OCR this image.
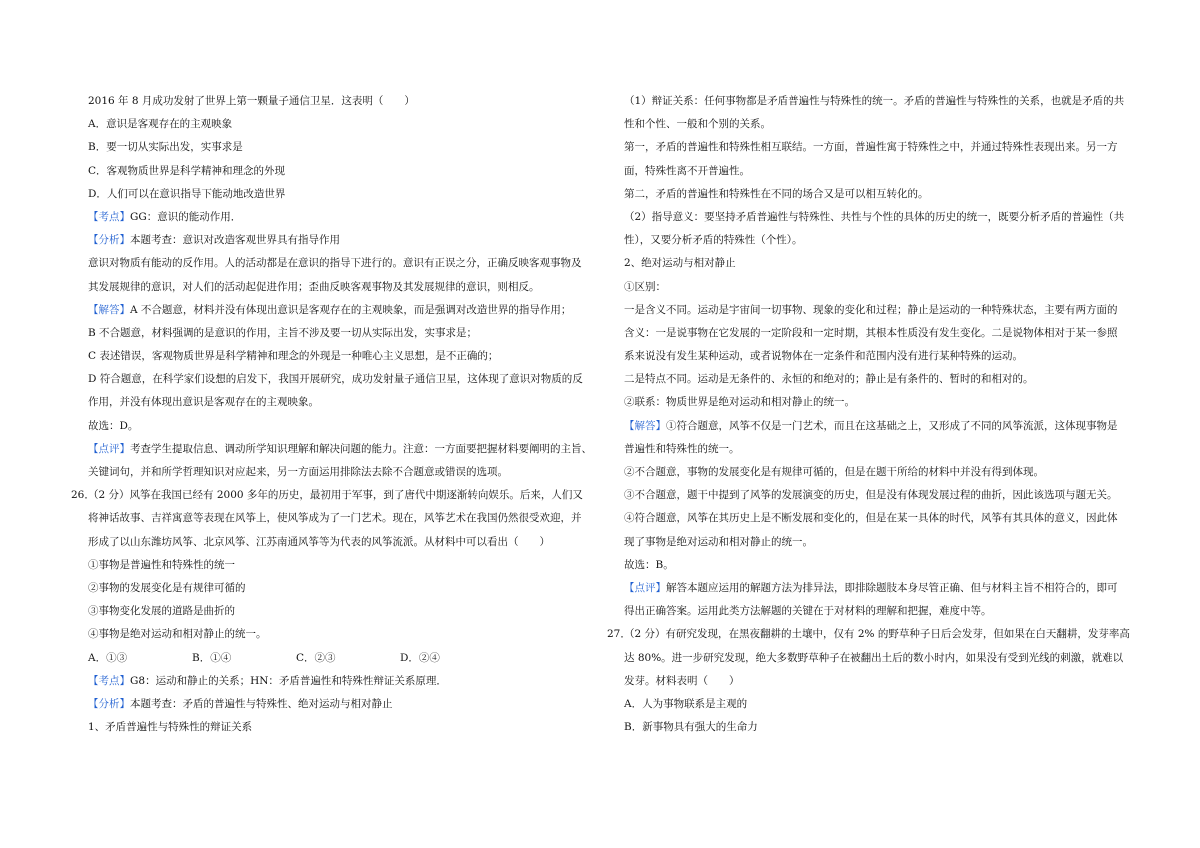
2016 年 8 月成功发射了世界上第一颗量子通信卫星．这表明（　　）
A．意识是客观存在的主观映象
B．要一切从实际出发，实事求是
C．客观物质世界是科学精神和理念的外现
D．人们可以在意识指导下能动地改造世界
【考点】GG：意识的能动作用．
【分析】本题考查：意识对改造客观世界具有指导作用
意识对物质有能动的反作用。人的活动都是在意识的指导下进行的。意识有正误之分，正确反映客观事物及
其发展规律的意识，对人们的活动起促进作用；歪曲反映客观事物及其发展规律的意识，则相反。
【解答】A 不合题意，材料并没有体现出意识是客观存在的主观映象，而是强调对改造世界的指导作用；
B 不合题意，材料强调的是意识的作用，主旨不涉及要一切从实际出发，实事求是；
C 表述错误，客观物质世界是科学精神和理念的外现是一种唯心主义思想，是不正确的；
D 符合题意，在科学家们设想的启发下，我国开展研究，成功发射量子通信卫星，这体现了意识对物质的反
作用，并没有体现出意识是客观存在的主观映象。
故选：D。
【点评】考查学生提取信息、调动所学知识理解和解决问题的能力。注意：一方面要把握材料要阐明的主旨、
关键词句，并和所学哲理知识对应起来，另一方面运用排除法去除不合题意或错误的选项。
26．
（2 分）风筝在我国已经有 2000 多年的历史，最初用于军事，到了唐代中期逐渐转向娱乐。后来，人们又
将神话故事、吉祥寓意等表现在风筝上，使风筝成为了一门艺术。现在，风筝艺术在我国仍然很受欢迎，并
形成了以山东潍坊风筝、北京风筝、江苏南通风筝等为代表的风筝流派。从材料中可以看出（　　）
①事物是普遍性和特殊性的统一
②事物的发展变化是有规律可循的
③事物变化发展的道路是曲折的
④事物是绝对运动和相对静止的统一。
A．①③	B．①④	C．②③	D．②④
【考点】G8：运动和静止的关系；HN：矛盾普遍性和特殊性辩证关系原理．
【分析】本题考查：矛盾的普遍性与特殊性、绝对运动与相对静止
1、矛盾普遍性与特殊性的辩证关系
（1）辩证关系：任何事物都是矛盾普遍性与特殊性的统一。矛盾的普遍性与特殊性的关系，也就是矛盾的共
性和个性、一般和个别的关系。
第一，矛盾的普遍性和特殊性相互联结。一方面，普遍性寓于特殊性之中，并通过特殊性表现出来。另一方
面，特殊性离不开普遍性。
第二，矛盾的普遍性和特殊性在不同的场合又是可以相互转化的。
（2）指导意义：要坚持矛盾普遍性与特殊性、共性与个性的具体的历史的统一，既要分析矛盾的普遍性（共
性），又要分析矛盾的特殊性（个性）。
2、绝对运动与相对静止
①区别：
一是含义不同。运动是宇宙间一切事物、现象的变化和过程；静止是运动的一种特殊状态，主要有两方面的
含义：一是说事物在它发展的一定阶段和一定时期，其根本性质没有发生变化。二是说物体相对于某一参照
系来说没有发生某种运动，或者说物体在一定条件和范围内没有进行某种特殊的运动。
二是特点不同。运动是无条件的、永恒的和绝对的；静止是有条件的、暂时的和相对的。
②联系：物质世界是绝对运动和相对静止的统一。
【解答】①符合题意，风筝不仅是一门艺术，而且在这基础之上，又形成了不同的风筝流派，这体现事物是
普遍性和特殊性的统一。
②不合题意，事物的发展变化是有规律可循的，但是在题干所给的材料中并没有得到体现。
③不合题意，题干中提到了风筝的发展演变的历史，但是没有体现发展过程的曲折，因此该选项与题无关。
④符合题意，风筝在其历史上是不断发展和变化的，但是在某一具体的时代，风筝有其具体的意义，因此体
现了事物是绝对运动和相对静止的统一。
故选：B。
【点评】解答本题应运用的解题方法为排异法，即排除题肢本身尽管正确、但与材料主旨不相符合的，即可
得出正确答案。运用此类方法解题的关键在于对材料的理解和把握，难度中等。
27．
（2 分）有研究发现，在黑夜翻耕的土壤中，仅有 2% 的野草种子日后会发芽，但如果在白天翻耕，发芽率高
达 80%。进一步研究发现，绝大多数野草种子在被翻出土后的数小时内，如果没有受到光线的刺激，就难以
发芽。材料表明（　　）
A．人为事物联系是主观的
B．新事物具有强大的生命力
